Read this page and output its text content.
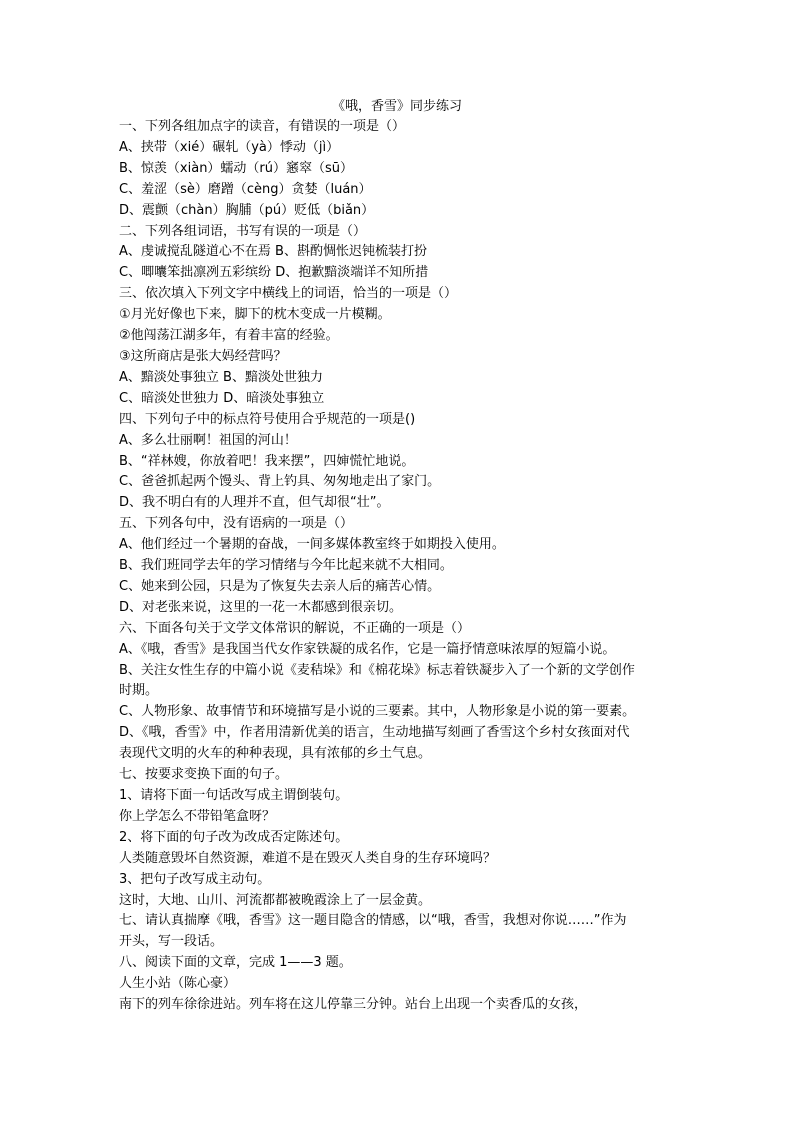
《哦，香雪》同步练习
一、下列各组加点字的读音，有错误的一项是（）
A、挟带（xié）碾轧（yà）悸动（jì）
B、惊羡（xiàn）蠕动（rú）窸窣（sū）
C、羞涩（sè）磨蹭（cèng）贪婪（luán）
D、震颤（chàn）胸脯（pú）贬低（biǎn）
二、下列各组词语，书写有误的一项是（）
A、虔诚搅乱隧道心不在焉 B、斟酌惆怅迟钝梳装打扮
C、唧囔笨拙凛冽五彩缤纷 D、抱歉黯淡端详不知所措
三、依次填入下列文字中横线上的词语，恰当的一项是（）
①月光好像也下来，脚下的枕木变成一片模糊。
②他闯荡江湖多年，有着丰富的经验。
③这所商店是张大妈经营吗？
A、黯淡处事独立 B、黯淡处世独力
C、暗淡处世独力 D、暗淡处事独立
四、下列句子中的标点符号使用合乎规范的一项是()
A、多么壮丽啊！祖国的河山！
B、“祥林嫂，你放着吧！我来摆”，四婶慌忙地说。
C、爸爸抓起两个馒头、背上钓具、匆匆地走出了家门。
D、我不明白有的人理并不直，但气却很“壮”。
五、下列各句中，没有语病的一项是（）
A、他们经过一个暑期的奋战，一间多媒体教室终于如期投入使用。
B、我们班同学去年的学习情绪与今年比起来就不大相同。
C、她来到公园，只是为了恢复失去亲人后的痛苦心情。
D、对老张来说，这里的一花一木都感到很亲切。
六、下面各句关于文学文体常识的解说，不正确的一项是（）
A、《哦，香雪》是我国当代女作家铁凝的成名作，它是一篇抒情意味浓厚的短篇小说。
B、关注女性生存的中篇小说《麦秸垛》和《棉花垛》标志着铁凝步入了一个新的文学创作
时期。
C、人物形象、故事情节和环境描写是小说的三要素。其中，人物形象是小说的第一要素。
D、《哦，香雪》中，作者用清新优美的语言，生动地描写刻画了香雪这个乡村女孩面对代
表现代文明的火车的种种表现，具有浓郁的乡土气息。
七、按要求变换下面的句子。
1、请将下面一句话改写成主谓倒装句。
你上学怎么不带铅笔盒呀？
2、将下面的句子改为改成否定陈述句。
人类随意毁坏自然资源，难道不是在毁灭人类自身的生存环境吗？
3、把句子改写成主动句。
这时，大地、山川、河流都都被晚霞涂上了一层金黄。
七、请认真揣摩《哦，香雪》这一题目隐含的情感，以“哦，香雪，我想对你说……”作为
开头，写一段话。
八、阅读下面的文章，完成 1——3 题。
人生小站（陈心豪）
南下的列车徐徐进站。列车将在这儿停靠三分钟。站台上出现一个卖香瓜的女孩，
